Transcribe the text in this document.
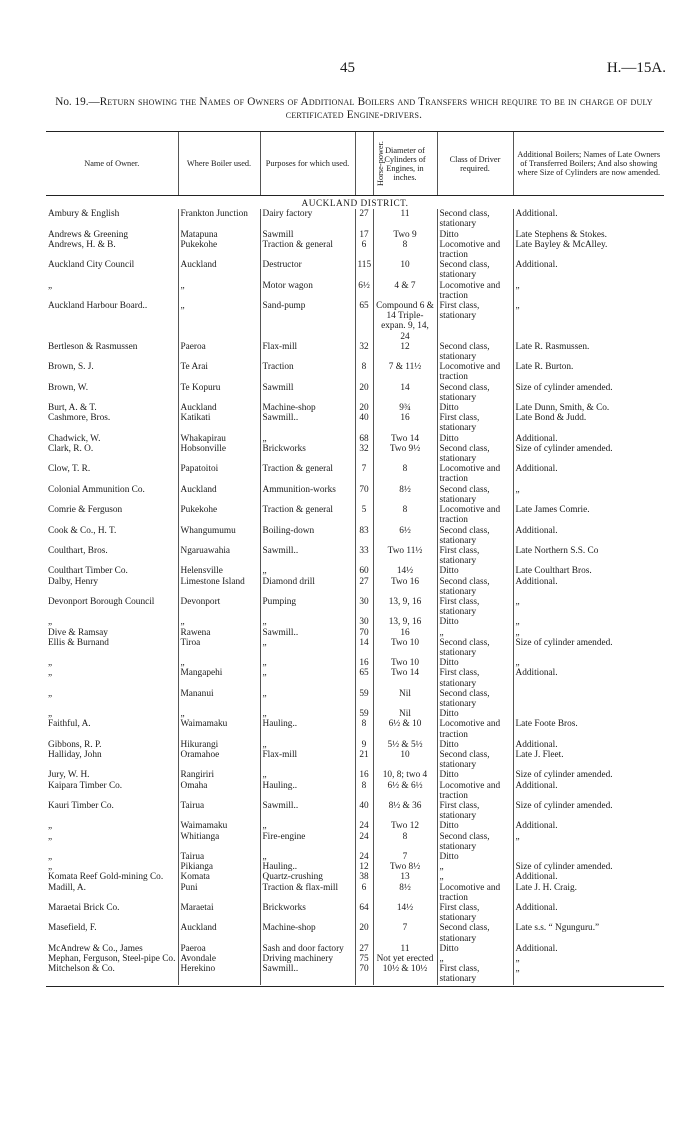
45	H.—15A.
No. 19.—Return showing the Names of Owners of Additional Boilers and Transfers which require to be in charge of duly certificated Engine-drivers.
Name of Owner.	Where Boiler used.	Purposes for which used.	Horse-power.	Diameter of Cylinders of Engines, in inches.	Class of Driver required.	Additional Boilers; Names of Late Owners of Transferred Boilers; And also showing where Size of Cylinders are now amended.
AUCKLAND DISTRICT.						
Ambury & English	Frankton Junction	Dairy factory	27	11	Second class, stationary	Additional.
Andrews & Greening	Matapuna	Sawmill	17	Two 9	Ditto	Late Stephens & Stokes.
Andrews, H. & B.	Pukekohe	Traction & general	6	8	Locomotive and traction	Late Bayley & McAlley.
Auckland City Council	Auckland	Destructor	115	10	Second class, stationary	Additional.
„	„	Motor wagon	6½	4 & 7	Locomotive and traction	„
Auckland Harbour Board..	„	Sand-pump	65	Compound 6 & 14 Triple-expan. 9, 14, 24	First class, stationary	„
Bertleson & Rasmussen	Paeroa	Flax-mill	32	12	Second class, stationary	Late R. Rasmussen.
Brown, S. J.	Te Arai	Traction	8	7 & 11½	Locomotive and traction	Late R. Burton.
Brown, W.	Te Kopuru	Sawmill	20	14	Second class, stationary	Size of cylinder amended.
Burt, A. & T.	Auckland	Machine-shop	20	9¾	Ditto	Late Dunn, Smith, & Co.
Cashmore, Bros.	Katikati	Sawmill..	40	16	First class, stationary	Late Bond & Judd.
Chadwick, W.	Whakapirau	„	68	Two 14	Ditto	Additional.
Clark, R. O.	Hobsonville	Brickworks	32	Two 9½	Second class, stationary	Size of cylinder amended.
Clow, T. R.	Papatoitoi	Traction & general	7	8	Locomotive and traction	Additional.
Colonial Ammunition Co.	Auckland	Ammunition-works	70	8½	Second class, stationary	„
Comrie & Ferguson	Pukekohe	Traction & general	5	8	Locomotive and traction	Late James Comrie.
Cook & Co., H. T.	Whangumumu	Boiling-down	83	6½	Second class, stationary	Additional.
Coulthart, Bros.	Ngaruawahia	Sawmill..	33	Two 11½	First class, stationary	Late Northern S.S. Co
Coulthart Timber Co.	Helensville	„	60	14½	Ditto	Late Coulthart Bros.
Dalby, Henry	Limestone Island	Diamond drill	27	Two 16	Second class, stationary	Additional.
Devonport Borough Council	Devonport	Pumping	30	13, 9, 16	First class, stationary	„
„	„	„	30	13, 9, 16	Ditto	„
Dive & Ramsay	Rawena	Sawmill..	70	16	„	„
Ellis & Burnand	Tiroa	„	14	Two 10	Second class, stationary	Size of cylinder amended.
„	„	„	16	Two 10	Ditto	„
„	Mangapehi	„	65	Two 14	First class, stationary	Additional.
„	Mananui	„	59	Nil	Second class, stationary	
„	„	„	59	Nil	Ditto	
Faithful, A.	Waimamaku	Hauling..	8	6½ & 10	Locomotive and traction	Late Foote Bros.
Gibbons, R. P.	Hikurangi	„	9	5½ & 5½	Ditto	Additional.
Halliday, John	Oramahoe	Flax-mill	21	10	Second class, stationary	Late J. Fleet.
Jury, W. H.	Rangiriri	„	16	10, 8; two 4	Ditto	Size of cylinder amended.
Kaipara Timber Co.	Omaha	Hauling..	8	6½ & 6½	Locomotive and traction	Additional.
Kauri Timber Co.	Tairua	Sawmill..	40	8½ & 36	First class, stationary	Size of cylinder amended.
„	Waimamaku	„	24	Two 12	Ditto	Additional.
„	Whitianga	Fire-engine	24	8	Second class, stationary	„
„	Tairua	„	24	7	Ditto	
„	Pikianga	Hauling..	12	Two 8½	„	Size of cylinder amended.
Komata Reef Gold-mining Co.	Komata	Quartz-crushing	38	13	„	Additional.
Madill, A.	Puni	Traction & flax-mill	6	8½	Locomotive and traction	Late J. H. Craig.
Maraetai Brick Co.	Maraetai	Brickworks	64	14½	First class, stationary	Additional.
Masefield, F.	Auckland	Machine-shop	20	7	Second class, stationary	Late s.s. “ Ngunguru.”
McAndrew & Co., James	Paeroa	Sash and door factory	27	11	Ditto	Additional.
Mephan, Ferguson, Steel-pipe Co.	Avondale	Driving machinery	75	Not yet erected	„	„
Mitchelson & Co.	Herekino	Sawmill..	70	10½ & 10½	First class, stationary	„
